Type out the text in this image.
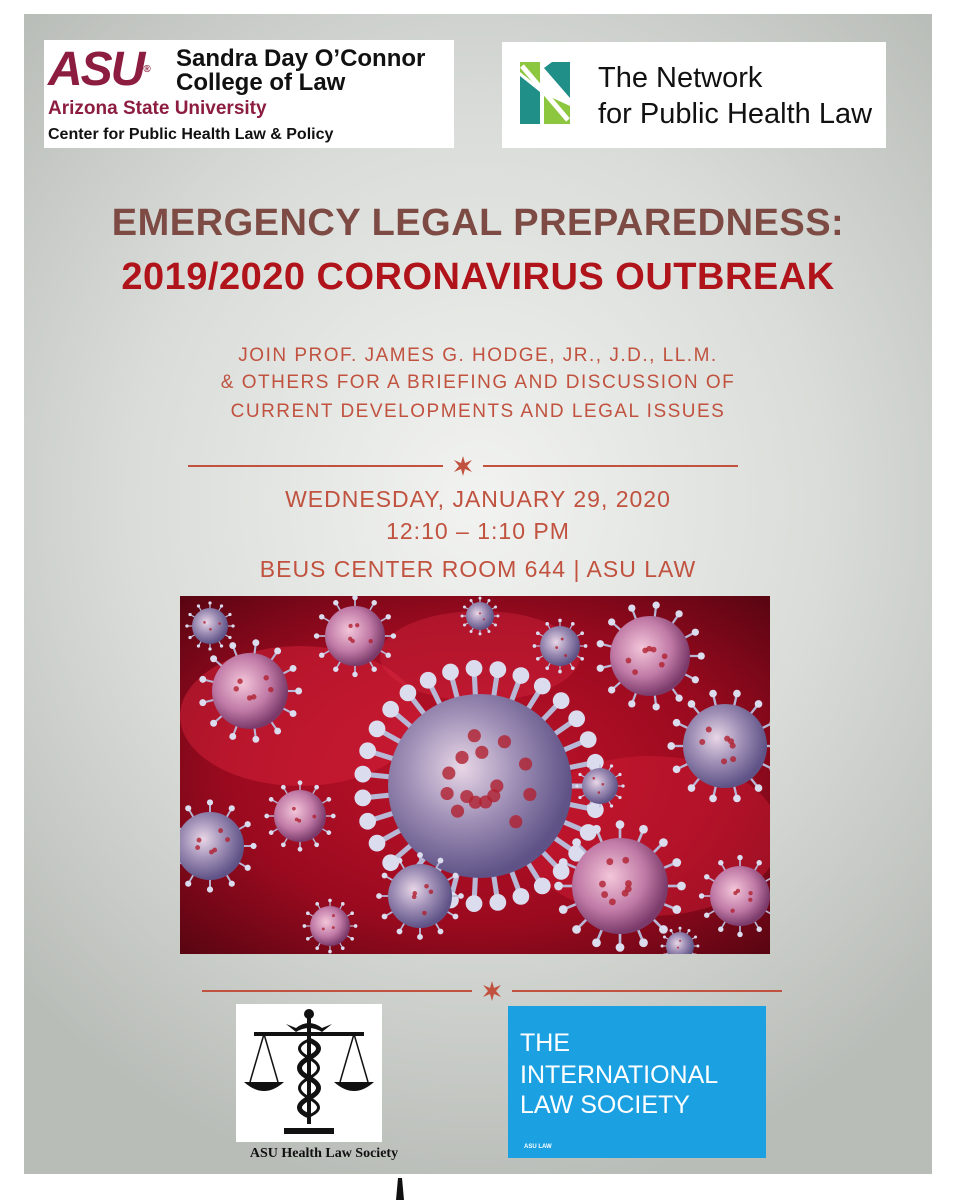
ASU® Sandra Day O’Connor
College of Law
Arizona State University
Center for Public Health Law & Policy
The Network
for Public Health Law
EMERGENCY LEGAL PREPAREDNESS:
2019/2020 CORONAVIRUS OUTBREAK
JOIN PROF. JAMES G. HODGE, JR., J.D., LL.M.
& OTHERS FOR A BRIEFING AND DISCUSSION OF
CURRENT DEVELOPMENTS AND LEGAL ISSUES
WEDNESDAY, JANUARY 29, 2020
12:10 – 1:10 PM
BEUS CENTER ROOM 644 | ASU LAW
ASU Health Law Society
THE
INTERNATIONAL
LAW SOCIETY
ASU LAW
